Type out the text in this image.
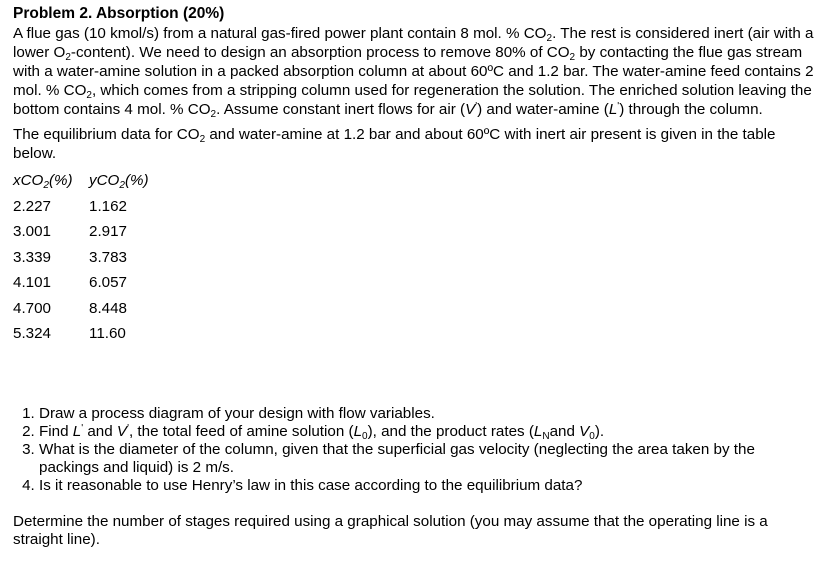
Problem 2. Absorption (20%)

A flue gas (10 kmol/s) from a natural gas-fired power plant contain 8 mol. % $CO_2$. The rest is considered inert (air with a lower $O_2-content$). We need to design an absorption process to remove 80% of $CO_2$ by contacting the flue gas stream with a water-amine solution in a packed absorption column at about 60ºC and 1.2 bar. The water-amine feed contains 2 mol. % $CO_2$, which comes from a stripping column used for regeneration the solution. The enriched solution leaving the bottom contains 4 mol. % $CO_2$. Assume constant inert flows for air (V') and water-amine (L') through the column.

The equilibrium data for $CO_2$ and water-amine at 1.2 bar and about 60ºC with inert air present is given in the table below.

xCO$_2$(%)	yCO$_2$(%)
2.227	1.162
3.001	2.917
3.339	3.783
4.101	6.057
4.700	8.448
5.324	11.60
1. Draw a process diagram of your design with flow variables.
2. Find L' and V', the total feed of amine solution $(L_0)$, and the product rates ($L_Nand$ $V_0$).
3. What is the diameter of the column, given that the superficial gas velocity (neglecting the area taken by the packings and liquid) is 2 m/s.
4. Is it reasonable to use Henry’s law in this case according to the equilibrium data?

Determine the number of stages required using a graphical solution (you may assume that the operating line is a straight line).
